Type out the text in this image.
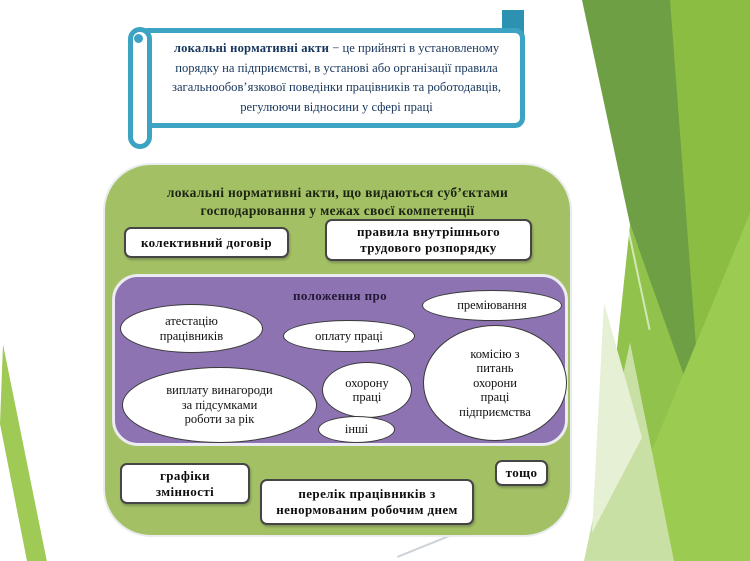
локальні нормативні акти − це прийняті в установленому
порядку на підприємстві, в установі або організації правила
загальнообов’язкової поведінки працівників та роботодавців,
регулюючи відносини у сфері праці
локальні нормативні акти, що видаються суб’єктами
господарювання у межах своєї компетенції
колективний договір
правила внутрішнього
трудового розпорядку
положення про
атестацію
працівників	оплату праці
преміювання
комісію з
питань
охорони
праці
підприємства
охорону
праці
виплату винагороди
за підсумками
роботи за рік
інші
графіки
змінності	перелік працівників з
ненормованим робочим днем
тощо
